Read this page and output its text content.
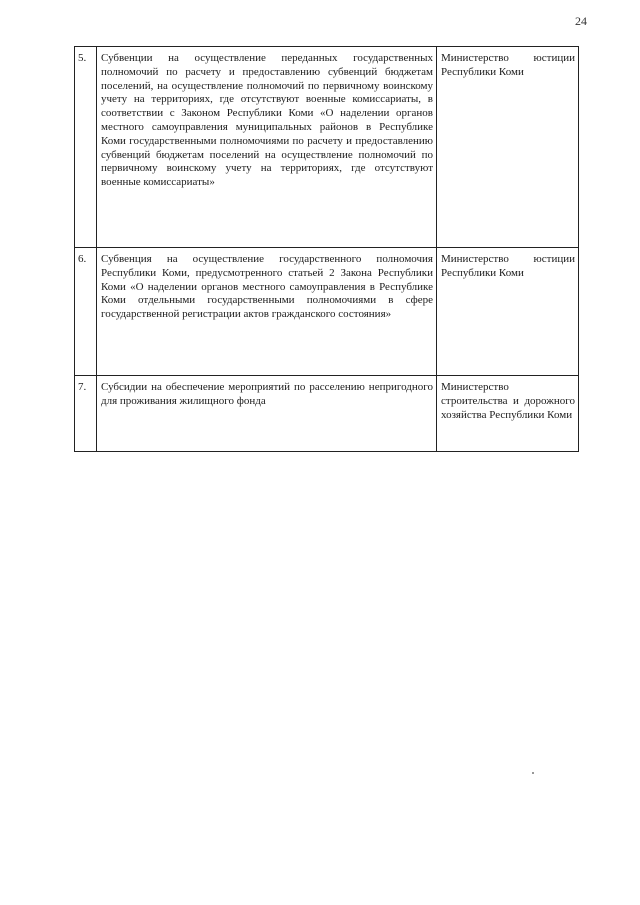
24
5.	Субвенции на осуществление переданных государственных полномочий по расчету и предоставлению субвенций бюджетам поселений, на осуществление полномочий по первичному воинскому учету на территориях, где отсутствуют военные комиссариаты, в соответствии с Законом Республики Коми «О наделении органов местного самоуправления муниципальных районов в Республике Коми государственными полномочиями по расчету и предоставлению субвенций бюджетам поселений на осуществление полномочий по первичному воинскому учету на территориях, где отсутствуют военные комиссариаты»	Министерство юстиции Республики Коми
6.	Субвенция на осуществление государственного полномочия Республики Коми, предусмотренного статьей 2 Закона Республики Коми «О наделении органов местного самоуправления в Республике Коми отдельными государственными полномочиями в сфере государственной регистрации актов гражданского состояния»	Министерство юстиции Республики Коми
7.	Субсидии на обеспечение мероприятий по расселению непригодного для проживания жилищного фонда	Министерство строительства и дорожного хозяйства Республики Коми
